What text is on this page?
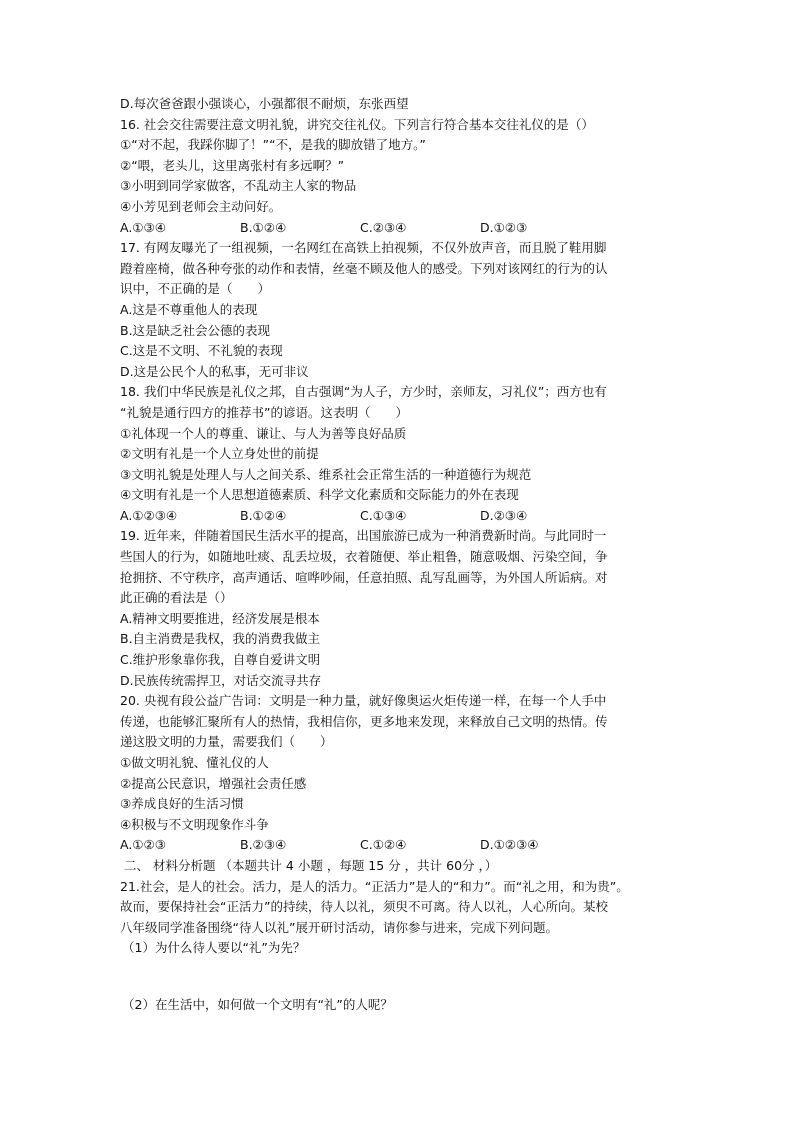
D.每次爸爸跟小强谈心，小强都很不耐烦，东张西望
16. 社会交往需要注意文明礼貌，讲究交往礼仪。下列言行符合基本交往礼仪的是（）
①“对不起，我踩你脚了！”“不，是我的脚放错了地方。”
②“喂，老头儿，这里离张村有多远啊？”
③小明到同学家做客，不乱动主人家的物品
④小芳见到老师会主动问好。
A.①③④	B.①②④	C.②③④	D.①②③
17. 有网友曝光了一组视频，一名网红在高铁上拍视频，不仅外放声音，而且脱了鞋用脚
蹬着座椅，做各种夸张的动作和表情，丝毫不顾及他人的感受。下列对该网红的行为的认
识中，不正确的是（　　）
A.这是不尊重他人的表现
B.这是缺乏社会公德的表现
C.这是不文明、不礼貌的表现
D.这是公民个人的私事，无可非议
18. 我们中华民族是礼仪之邦，自古强调“为人子，方少时，亲师友，习礼仪”；西方也有
“礼貌是通行四方的推荐书”的谚语。这表明（　　）
①礼体现一个人的尊重、谦让、与人为善等良好品质
②文明有礼是一个人立身处世的前提
③文明礼貌是处理人与人之间关系、维系社会正常生活的一种道德行为规范
④文明有礼是一个人思想道德素质、科学文化素质和交际能力的外在表现
A.①②③④	B.①②④	C.①③④	D.②③④
19. 近年来，伴随着国民生活水平的提高，出国旅游已成为一种消费新时尚。与此同时一
些国人的行为，如随地吐痰、乱丢垃圾，衣着随便、举止粗鲁，随意吸烟、污染空间，争
抢拥挤、不守秩序，高声通话、喧哗吵闹，任意拍照、乱写乱画等，为外国人所诟病。对
此正确的看法是（）
A.精神文明要推进，经济发展是根本
B.自主消费是我权，我的消费我做主
C.维护形象靠你我，自尊自爱讲文明
D.民族传统需捍卫，对话交流寻共存
20. 央视有段公益广告词：文明是一种力量，就好像奥运火炬传递一样，在每一个人手中
传递，也能够汇聚所有人的热情，我相信你，更多地来发现，来释放自己文明的热情。传
递这股文明的力量，需要我们（　　）
①做文明礼貌、懂礼仪的人
②提高公民意识，增强社会责任感
③养成良好的生活习惯
④积极与不文明现象作斗争
A.①②③	B.②③④	C.①②④	D.①②③④
二、 材料分析题 （本题共计 4 小题 ，每题 15 分 ，共计 60分 ，）
21.社会，是人的社会。活力，是人的活力。“正活力”是人的“和力”。而“礼之用，和为贵”。
故而，要保持社会“正活力”的持续，待人以礼，须臾不可离。待人以礼，人心所向。某校
八年级同学准备围绕“待人以礼”展开研讨活动，请你参与进来，完成下列问题。
（1）为什么待人要以“礼”为先？
（2）在生活中，如何做一个文明有“礼”的人呢？
